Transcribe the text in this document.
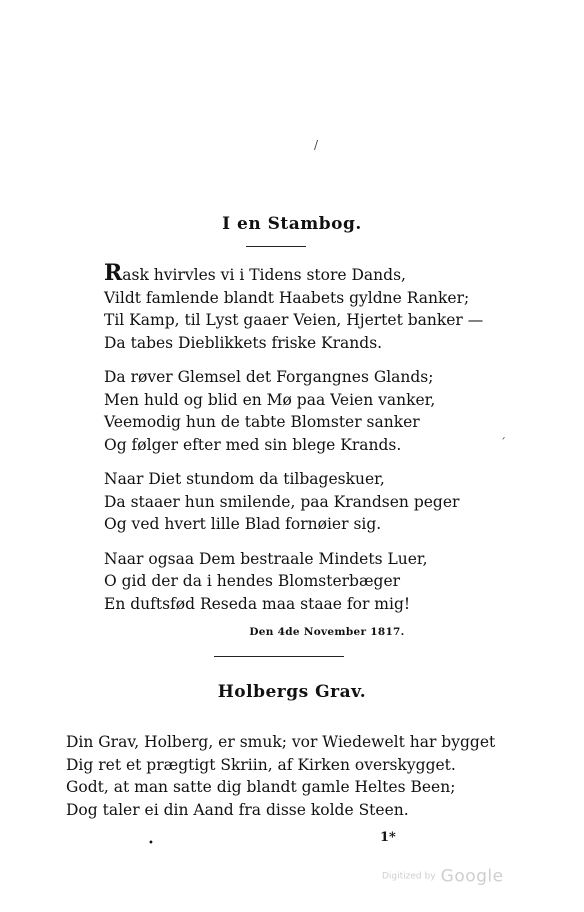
/
I en Stambog.
Rask hvirvles vi i Tidens store Dands,
Vildt famlende blandt Haabets gyldne Ranker;
Til Kamp, til Lyst gaaer Veien, Hjertet banker —
Da tabes Dieblikkets friske Krands.
Da røver Glemsel det Forgangnes Glands;
Men huld og blid en Mø paa Veien vanker,
Veemodig hun de tabte Blomster sanker
Og følger efter med sin blege Krands.
Naar Diet stundom da tilbageskuer,
Da staaer hun smilende, paa Krandsen peger
Og ved hvert lille Blad fornøier sig.
Naar ogsaa Dem bestraale Mindets Luer,
O gid der da i hendes Blomsterbæger
En duftsfød Reseda maa staae for mig!
´
Den 4de November 1817.
Holbergs Grav.
Din Grav, Holberg, er smuk; vor Wiedewelt har bygget
Dig ret et prægtigt Skriin, af Kirken overskygget.
Godt, at man satte dig blandt gamle Heltes Been;
Dog taler ei din Aand fra disse kolde Steen.
1*
•
Digitized by Google
